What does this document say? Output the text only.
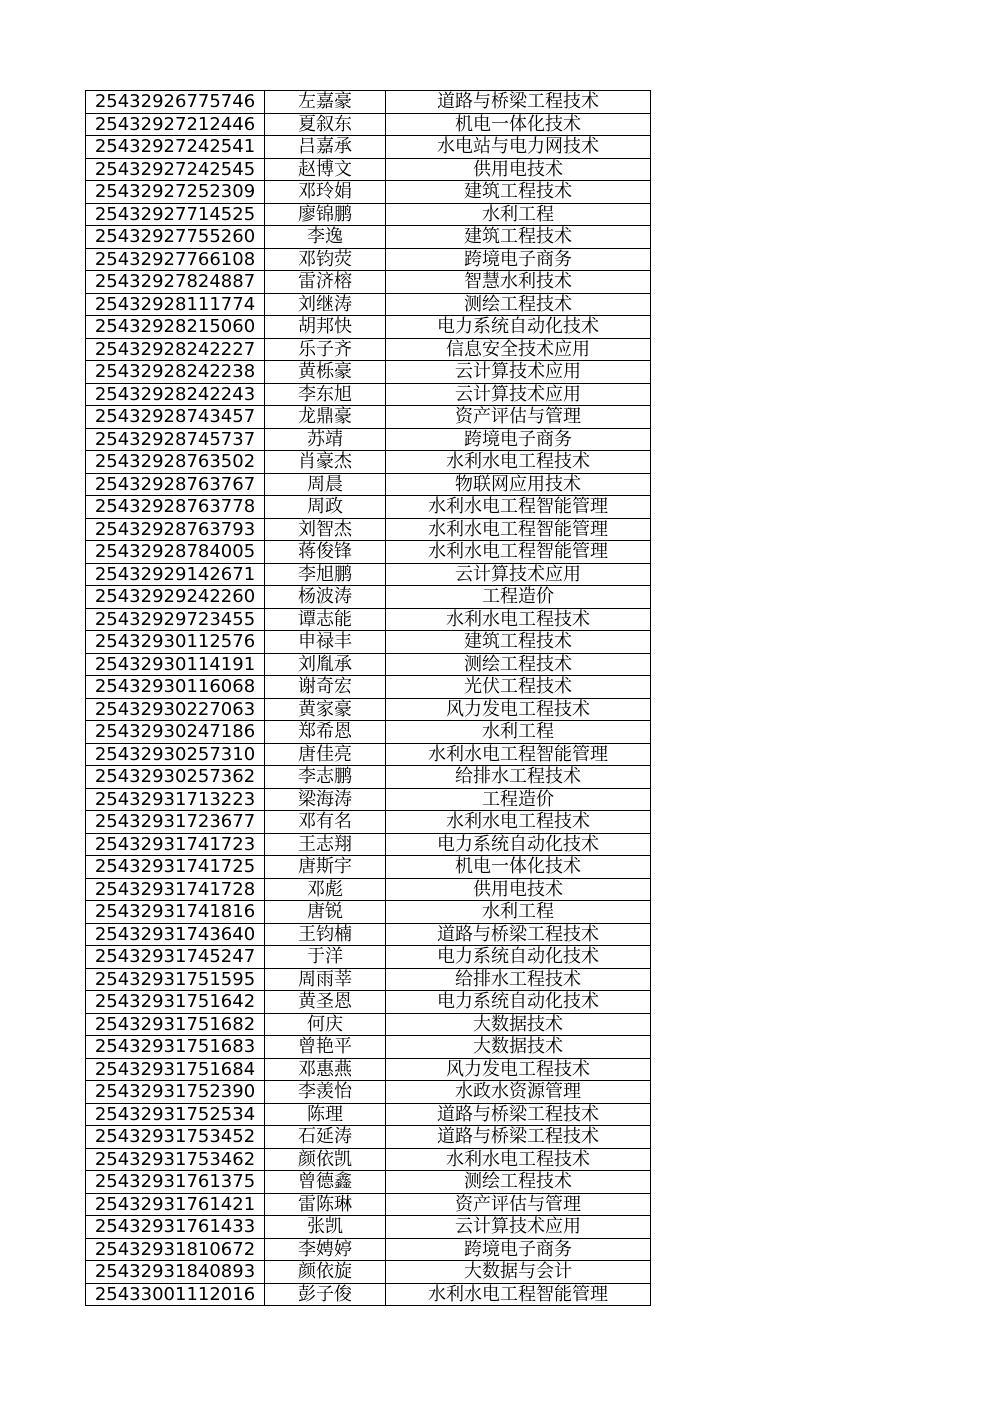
25432926775746	左嘉豪	道路与桥梁工程技术
25432927212446	夏叙东	机电一体化技术
25432927242541	吕嘉承	水电站与电力网技术
25432927242545	赵博文	供用电技术
25432927252309	邓玲娟	建筑工程技术
25432927714525	廖锦鹏	水利工程
25432927755260	李逸	建筑工程技术
25432927766108	邓钧荧	跨境电子商务
25432927824887	雷济榕	智慧水利技术
25432928111774	刘继涛	测绘工程技术
25432928215060	胡邦快	电力系统自动化技术
25432928242227	乐子齐	信息安全技术应用
25432928242238	黄栎豪	云计算技术应用
25432928242243	李东旭	云计算技术应用
25432928743457	龙鼎豪	资产评估与管理
25432928745737	苏靖	跨境电子商务
25432928763502	肖豪杰	水利水电工程技术
25432928763767	周晨	物联网应用技术
25432928763778	周政	水利水电工程智能管理
25432928763793	刘智杰	水利水电工程智能管理
25432928784005	蒋俊锋	水利水电工程智能管理
25432929142671	李旭鹏	云计算技术应用
25432929242260	杨波涛	工程造价
25432929723455	谭志能	水利水电工程技术
25432930112576	申禄丰	建筑工程技术
25432930114191	刘胤承	测绘工程技术
25432930116068	谢奇宏	光伏工程技术
25432930227063	黄家豪	风力发电工程技术
25432930247186	郑希恩	水利工程
25432930257310	唐佳亮	水利水电工程智能管理
25432930257362	李志鹏	给排水工程技术
25432931713223	梁海涛	工程造价
25432931723677	邓有名	水利水电工程技术
25432931741723	王志翔	电力系统自动化技术
25432931741725	唐斯宇	机电一体化技术
25432931741728	邓彪	供用电技术
25432931741816	唐锐	水利工程
25432931743640	王钧楠	道路与桥梁工程技术
25432931745247	于洋	电力系统自动化技术
25432931751595	周雨莘	给排水工程技术
25432931751642	黄圣恩	电力系统自动化技术
25432931751682	何庆	大数据技术
25432931751683	曾艳平	大数据技术
25432931751684	邓惠燕	风力发电工程技术
25432931752390	李羡怡	水政水资源管理
25432931752534	陈理	道路与桥梁工程技术
25432931753452	石延涛	道路与桥梁工程技术
25432931753462	颜依凯	水利水电工程技术
25432931761375	曾德鑫	测绘工程技术
25432931761421	雷陈琳	资产评估与管理
25432931761433	张凯	云计算技术应用
25432931810672	李娉婷	跨境电子商务
25432931840893	颜依旋	大数据与会计
25433001112016	彭子俊	水利水电工程智能管理
